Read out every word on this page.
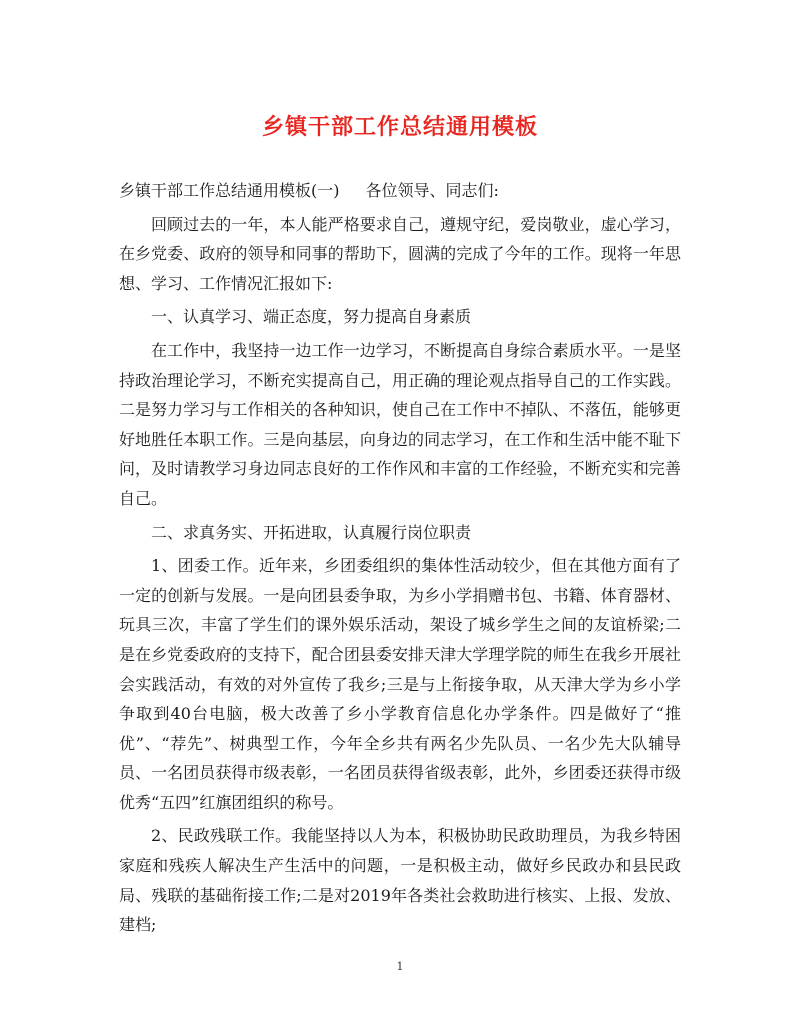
乡镇干部工作总结通用模板

乡镇干部工作总结通用模板(一) 各位领导、同志们:

回顾过去的一年，本人能严格要求自己，遵规守纪，爱岗敬业，虚心学习，在乡党委、政府的领导和同事的帮助下，圆满的完成了今年的工作。现将一年思想、学习、工作情况汇报如下:

一、认真学习、端正态度，努力提高自身素质

在工作中，我坚持一边工作一边学习，不断提高自身综合素质水平。一是坚持政治理论学习，不断充实提高自己，用正确的理论观点指导自己的工作实践。二是努力学习与工作相关的各种知识，使自己在工作中不掉队、不落伍，能够更好地胜任本职工作。三是向基层，向身边的同志学习，在工作和生活中能不耻下问，及时请教学习身边同志良好的工作作风和丰富的工作经验，不断充实和完善自己。

二、求真务实、开拓进取，认真履行岗位职责

1、团委工作。近年来，乡团委组织的集体性活动较少，但在其他方面有了一定的创新与发展。一是向团县委争取，为乡小学捐赠书包、书籍、体育器材、玩具三次，丰富了学生们的课外娱乐活动，架设了城乡学生之间的友谊桥梁;二是在乡党委政府的支持下，配合团县委安排天津大学理学院的师生在我乡开展社会实践活动，有效的对外宣传了我乡;三是与上衔接争取，从天津大学为乡小学争取到40台电脑，极大改善了乡小学教育信息化办学条件。四是做好了“推优”、“荐先”、树典型工作，今年全乡共有两名少先队员、一名少先大队辅导员、一名团员获得市级表彰，一名团员获得省级表彰，此外，乡团委还获得市级优秀“五四”红旗团组织的称号。

2、民政残联工作。我能坚持以人为本，积极协助民政助理员，为我乡特困家庭和残疾人解决生产生活中的问题，一是积极主动，做好乡民政办和县民政局、残联的基础衔接工作;二是对2019年各类社会救助进行核实、上报、发放、建档;

1
